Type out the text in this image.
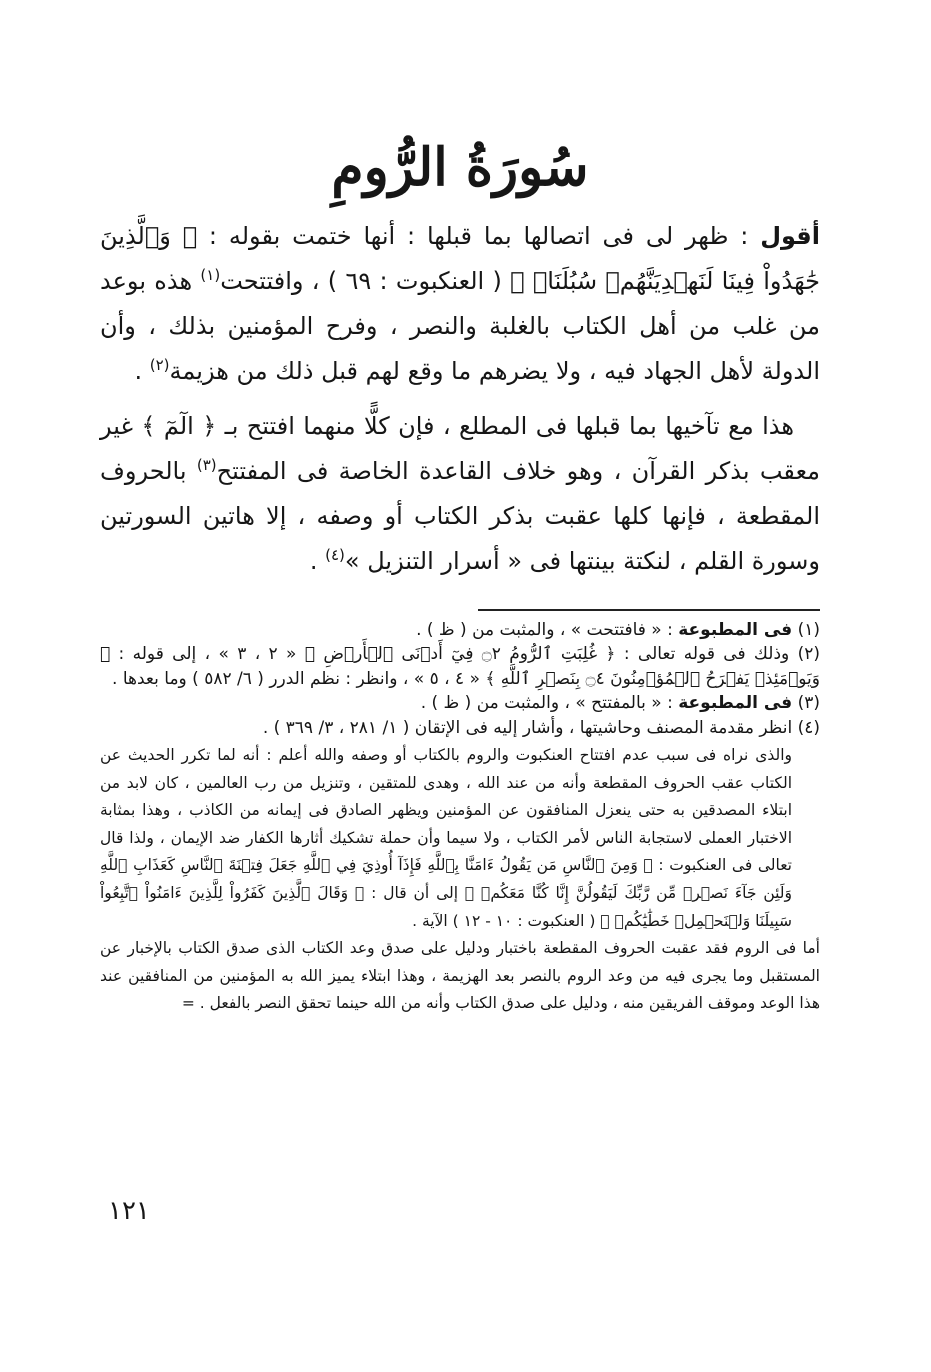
سُورَةُ الرُّومِ

أقول : ظهر لى فى اتصالها بما قبلها : أنها ختمت بقوله : ﴿ وَٱلَّذِينَ جَٰهَدُواْ فِينَا لَنَهۡدِيَنَّهُمۡ سُبُلَنَاۚ ﴾ ( العنكبوت : ٦٩ ) ، وافتتحت$^{(١)}$ هذه بوعد من غلب من أهل الكتاب بالغلبة والنصر ، وفرح المؤمنين بذلك ، وأن الدولة لأهل الجهاد فيه ، ولا يضرهم ما وقع لهم قبل ذلك من هزيمة$^{(٢)}$ .

هذا مع تآخيها بما قبلها فى المطلع ، فإن كلًّا منهما افتتح بـ ﴿ الٓمٓ ﴾ غير معقب بذكر القرآن ، وهو خلاف القاعدة الخاصة فى المفتتح$^{(٣)}$ بالحروف المقطعة ، فإنها كلها عقبت بذكر الكتاب أو وصفه ، إلا هاتين السورتين وسورة القلم ، لنكتة بينتها فى « أسرار التنزيل »$^{(٤)}$ .

(١) فى المطبوعة : « فافتتحت » ، والمثبت من ( ظ ) .

(٢) وذلك فى قوله تعالى : ﴿ غُلِبَتِ ٱلرُّومُ ۝٢ فِيٓ أَدۡنَى ٱلۡأَرۡضِ ﴾ « ٢ ، ٣ » ، إلى قوله : ﴿ وَيَوۡمَئِذٖ يَفۡرَحُ ٱلۡمُؤۡمِنُونَ ۝٤ بِنَصۡرِ ٱللَّهِ ﴾ « ٤ ، ٥ » ، وانظر : نظم الدرر ( ٦/ ٥٨٢ ) وما بعدها .

(٣) فى المطبوعة : « بالمفتتح » ، والمثبت من ( ظ ) .

(٤) انظر مقدمة المصنف وحاشيتها ، وأشار إليه فى الإتقان ( ١/ ٢٨١ ، ٣/ ٣٦٩ ) .

والذى نراه فى سبب عدم افتتاح العنكبوت والروم بالكتاب أو وصفه والله أعلم : أنه لما تكرر الحديث عن الكتاب عقب الحروف المقطعة وأنه من عند الله ، وهدى للمتقين ، وتنزيل من رب العالمين ، كان لابد من ابتلاء المصدقين به حتى ينعزل المنافقون عن المؤمنين ويظهر الصادق فى إيمانه من الكاذب ، وهذا بمثابة الاختبار العملى لاستجابة الناس لأمر الكتاب ، ولا سيما وأن حملة تشكيك أثارها الكفار ضد الإيمان ، ولذا قال تعالى فى العنكبوت : ﴿ وَمِنَ ٱلنَّاسِ مَن يَقُولُ ءَامَنَّا بِٱللَّهِ فَإِذَآ أُوذِيَ فِي ٱللَّهِ جَعَلَ فِتۡنَةَ ٱلنَّاسِ كَعَذَابِ ٱللَّهِ وَلَئِن جَآءَ نَصۡرٞ مِّن رَّبِّكَ لَيَقُولُنَّ إِنَّا كُنَّا مَعَكُمۡ ﴾ إلى أن قال : ﴿ وَقَالَ ٱلَّذِينَ كَفَرُواْ لِلَّذِينَ ءَامَنُواْ ٱتَّبِعُواْ سَبِيلَنَا وَلۡنَحۡمِلۡ خَطَٰيَٰكُمۡ ﴾ ( العنكبوت : ١٠ - ١٢ ) الآية .

أما فى الروم فقد عقبت الحروف المقطعة باختبار ودليل على صدق وعد الكتاب الذى صدق الكتاب بالإخبار عن المستقبل وما يجرى فيه من وعد الروم بالنصر بعد الهزيمة ، وهذا ابتلاء يميز الله به المؤمنين من المنافقين عند هذا الوعد وموقف الفريقين منه ، ودليل على صدق الكتاب وأنه من الله حينما تحقق النصر بالفعل . =

١٢١
